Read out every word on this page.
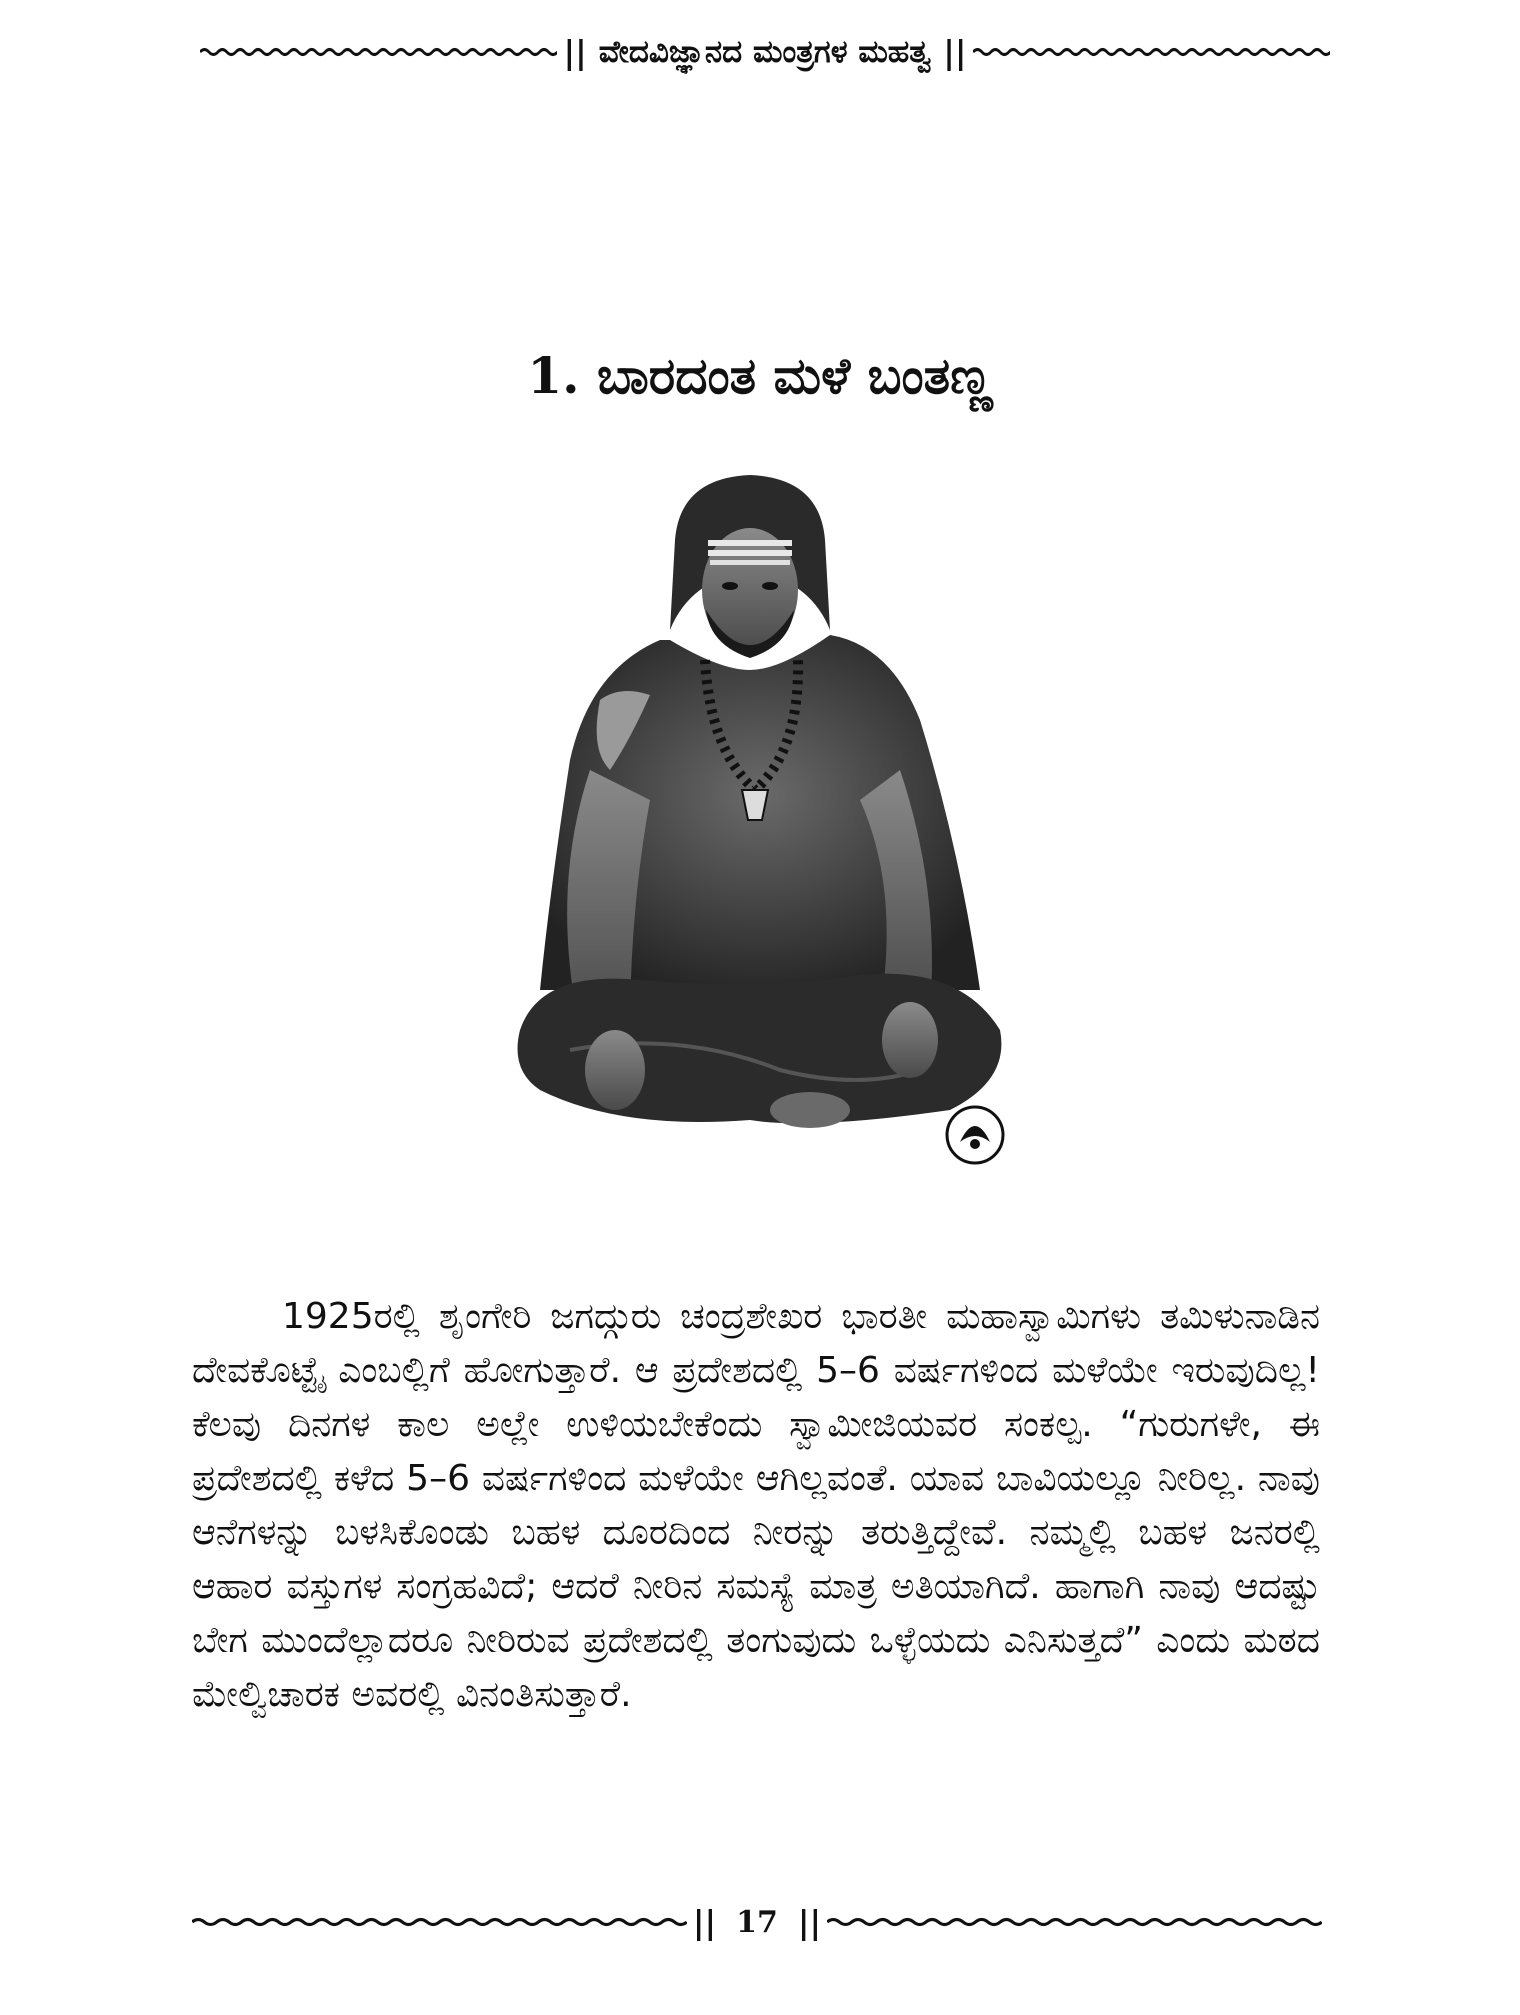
|| ವೇದವಿಜ್ಞಾನದ ಮಂತ್ರಗಳ ಮಹತ್ವ ||
1. ಬಾರದಂತ ಮಳೆ ಬಂತಣ್ಣ

1925ರಲ್ಲಿ ಶೃಂಗೇರಿ ಜಗದ್ಗುರು ಚಂದ್ರಶೇಖರ ಭಾರತೀ ಮಹಾಸ್ವಾಮಿಗಳು ತಮಿಳುನಾಡಿನ ದೇವಕೊಟ್ಟೈ ಎಂಬಲ್ಲಿಗೆ ಹೋಗುತ್ತಾರೆ. ಆ ಪ್ರದೇಶದಲ್ಲಿ 5–6 ವರ್ಷಗಳಿಂದ ಮಳೆಯೇ ಇರುವುದಿಲ್ಲ! ಕೆಲವು ದಿನಗಳ ಕಾಲ ಅಲ್ಲೇ ಉಳಿಯಬೇಕೆಂದು ಸ್ವಾಮೀಜಿಯವರ ಸಂಕಲ್ಪ. “ಗುರುಗಳೇ, ಈ ಪ್ರದೇಶದಲ್ಲಿ ಕಳೆದ 5–6 ವರ್ಷಗಳಿಂದ ಮಳೆಯೇ ಆಗಿಲ್ಲವಂತೆ. ಯಾವ ಬಾವಿಯಲ್ಲೂ ನೀರಿಲ್ಲ. ನಾವು ಆನೆಗಳನ್ನು ಬಳಸಿಕೊಂಡು ಬಹಳ ದೂರದಿಂದ ನೀರನ್ನು ತರುತ್ತಿದ್ದೇವೆ. ನಮ್ಮಲ್ಲಿ ಬಹಳ ಜನರಲ್ಲಿ ಆಹಾರ ವಸ್ತುಗಳ ಸಂಗ್ರಹವಿದೆ; ಆದರೆ ನೀರಿನ ಸಮಸ್ಯೆ ಮಾತ್ರ ಅತಿಯಾಗಿದೆ. ಹಾಗಾಗಿ ನಾವು ಆದಷ್ಟು ಬೇಗ ಮುಂದೆಲ್ಲಾದರೂ ನೀರಿರುವ ಪ್ರದೇಶದಲ್ಲಿ ತಂಗುವುದು ಒಳ್ಳೆಯದು ಎನಿಸುತ್ತದೆ” ಎಂದು ಮಠದ ಮೇಲ್ವಿಚಾರಕ ಅವರಲ್ಲಿ ವಿನಂತಿಸುತ್ತಾರೆ.

|| 17 ||
